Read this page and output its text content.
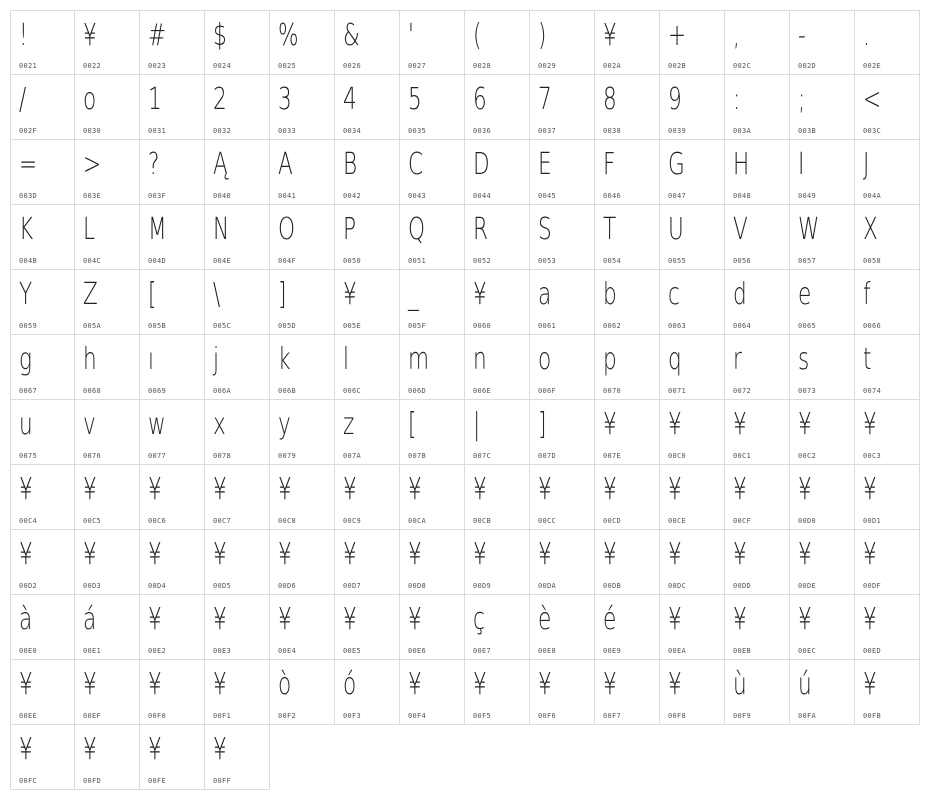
!
0021
¥
0022
#
0023
$
0024
%
0025
&
0026
'
0027
(
0028
)
0029
¥
002A
+
002B
,
002C
-
002D
.
002E
/
002F
o
0030
1
0031
2
0032
3
0033
4
0034
5
0035
6
0036
7
0037
8
0038
9
0039
:
003A
;
003B
<
003C
=
003D
>
003E
?
003F
Ą
0040
A
0041
B
0042
C
0043
D
0044
E
0045
F
0046
G
0047
H
0048
I
0049
J
004A
K
004B
L
004C
M
004D
N
004E
O
004F
P
0050
Q
0051
R
0052
S
0053
T
0054
U
0055
V
0056
W
0057
X
0058
Y
0059
Z
005A
[
005B
\
005C
]
005D
¥
005E
_
005F
¥
0060
a
0061
b
0062
c
0063
d
0064
e
0065
f
0066
g
0067
h
0068
ı
0069
j
006A
k
006B
l
006C
m
006D
n
006E
o
006F
p
0070
q
0071
r
0072
s
0073
t
0074
u
0075
v
0076
w
0077
x
0078
y
0079
z
007A
[
007B
|
007C
]
007D
¥
007E
¥
00C0
¥
00C1
¥
00C2
¥
00C3
¥
00C4
¥
00C5
¥
00C6
¥
00C7
¥
00C8
¥
00C9
¥
00CA
¥
00CB
¥
00CC
¥
00CD
¥
00CE
¥
00CF
¥
00D0
¥
00D1
¥
00D2
¥
00D3
¥
00D4
¥
00D5
¥
00D6
¥
00D7
¥
00D8
¥
00D9
¥
00DA
¥
00DB
¥
00DC
¥
00DD
¥
00DE
¥
00DF
à
00E0
á
00E1
¥
00E2
¥
00E3
¥
00E4
¥
00E5
¥
00E6
ç
00E7
è
00E8
é
00E9
¥
00EA
¥
00EB
¥
00EC
¥
00ED
¥
00EE
¥
00EF
¥
00F0
¥
00F1
ò
00F2
ó
00F3
¥
00F4
¥
00F5
¥
00F6
¥
00F7
¥
00F8
ù
00F9
ú
00FA
¥
00FB
¥
00FC
¥
00FD
¥
00FE
¥
00FF
